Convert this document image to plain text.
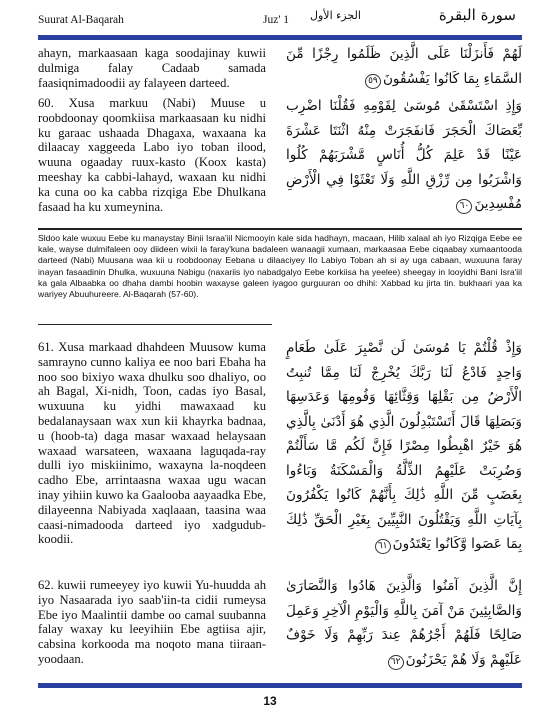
Suurat Al-Baqarah	Juz' 1 الجزء الأول	سورة البقرة
ahayn, markaasaan kaga soodajinay kuwii dulmiga falay Cadaab samada faasiqnimadoodii ay falayeen darteed.
لَهُمْ فَأَنزَلْنَا عَلَى الَّذِينَ ظَلَمُوا رِجْزًا مِّنَ السَّمَاءِ بِمَا كَانُوا يَفْسُقُونَ٥٩
60. Xusa markuu (Nabi) Muuse u roobdoonay qoomkiisa markaasaan ku nidhi ku garaac ushaada Dhagaxa, waxaana ka dilaacay xaggeeda Labo iyo toban ilood, wuuna ogaaday ruux-kasto (Koox kasta) meeshay ka cabbi-lahayd, waxaan ku nidhi ka cuna oo ka cabba rizqiga Ebe Dhulkana fasaad ha ku xumeynina.
وَإِذِ اسْتَسْقَىٰ مُوسَىٰ لِقَوْمِهِ فَقُلْنَا اضْرِب بِّعَصَاكَ الْحَجَرَ فَانفَجَرَتْ مِنْهُ اثْنَتَا عَشْرَةَ عَيْنًا قَدْ عَلِمَ كُلُّ أُنَاسٍ مَّشْرَبَهُمْ كُلُوا وَاشْرَبُوا مِن رِّزْقِ اللَّهِ وَلَا تَعْثَوْا فِي الْأَرْضِ مُفْسِدِينَ٦٠
Sldoo kale wuxuu Eebe ku manaystay Binii Israa'iil Nicmooyin kale sida hadhayn, macaan, Hilib xalaal ah iyo Rizqiga Eebe ee kale, wayse dulmifaleen ooy diideen wixii la faray'kuna badaleen wanaagii xumaan, markaasaa Eebe ciqaabay xumaantooda darteed (Nabi) Muusana waa kii u roobdoonay Eebana u dilaaciyey Ilo Labiyo Toban ah si ay uga cabaan, wuxuuna faray inayan fasaadinin Dhulka, wuxuuna Nabigu (naxariis iyo nabadgalyo Eebe korkiisa ha yeelee) sheegay in looyidhi Bani Isra'iil ka gala Albaabka oo dhaha dambi hoobin waxayse galeen iyagoo gurguuran oo dhihi: Xabbad ku jirta tin. bukhaari yaa ka wariyey Abuuhureere. Al-Baqarah (57-60).
61. Xusa markaad dhahdeen Muusow kuma samrayno cunno kaliya ee noo bari Ebaha ha noo soo bixiyo waxa dhulku soo dhaliyo, oo ah Bagal, Xi-nidh, Toon, cadas iyo Basal, wuxuuna ku yidhi mawaxaad ku bedalanaysaan wax xun kii khayrka badnaa, u (hoob-ta) daga masar waxaad helaysaan waxaad warsateen, waxaana laguqada-ray dulli iyo miskiinimo, waxayna la-noqdeen cadho Ebe, arrintaasna waxaa ugu wacan inay yihiin kuwo ka Gaalooba aayaadka Ebe, dilayeenna Nabiyada xaqlaaan, taasina waa caasi-nimadooda darteed iyo xadgudub-koodii.
وَإِذْ قُلْتُمْ يَا مُوسَىٰ لَن نَّصْبِرَ عَلَىٰ طَعَامٍ وَاحِدٍ فَادْعُ لَنَا رَبَّكَ يُخْرِجْ لَنَا مِمَّا تُنبِتُ الْأَرْضُ مِن بَقْلِهَا وَقِثَّائِهَا وَفُومِهَا وَعَدَسِهَا وَبَصَلِهَا قَالَ أَتَسْتَبْدِلُونَ الَّذِي هُوَ أَدْنَىٰ بِالَّذِي هُوَ خَيْرٌ اهْبِطُوا مِصْرًا فَإِنَّ لَكُم مَّا سَأَلْتُمْ وَضُرِبَتْ عَلَيْهِمُ الذِّلَّةُ وَالْمَسْكَنَةُ وَبَاءُوا بِغَضَبٍ مِّنَ اللَّهِ ذَٰلِكَ بِأَنَّهُمْ كَانُوا يَكْفُرُونَ بِآيَاتِ اللَّهِ وَيَقْتُلُونَ النَّبِيِّينَ بِغَيْرِ الْحَقِّ ذَٰلِكَ بِمَا عَصَوا وَّكَانُوا يَعْتَدُونَ٦١
62. kuwii rumeeyey iyo kuwii Yu-huudda ah iyo Nasaarada iyo saab'iin-ta cidii rumeysa Ebe iyo Maalintii dambe oo camal suubanna falay waxay ku leeyihiin Ebe agtiisa ajir, cabsina korkooda ma noqoto mana tiiraan-yoodaan.
إِنَّ الَّذِينَ آمَنُوا وَالَّذِينَ هَادُوا وَالنَّصَارَىٰ وَالصَّابِئِينَ مَنْ آمَنَ بِاللَّهِ وَالْيَوْمِ الْآخِرِ وَعَمِلَ صَالِحًا فَلَهُمْ أَجْرُهُمْ عِندَ رَبِّهِمْ وَلَا خَوْفٌ عَلَيْهِمْ وَلَا هُمْ يَحْزَنُونَ٦٢
13
